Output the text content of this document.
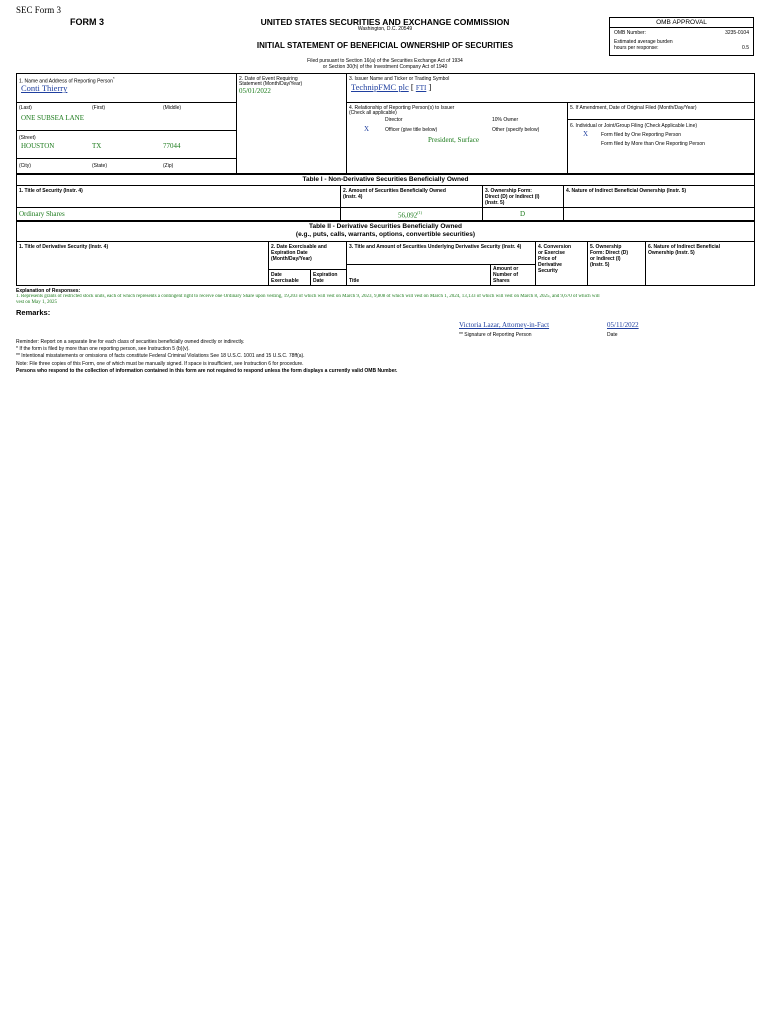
SEC Form 3
FORM 3	UNITED STATES SECURITIES AND EXCHANGE COMMISSION
Washington, D.C. 20549
INITIAL STATEMENT OF BENEFICIAL OWNERSHIP OF SECURITIES
Filed pursuant to Section 16(a) of the Securities Exchange Act of 1934
or Section 30(h) of the Investment Company Act of 1940
OMB APPROVAL
OMB Number:	3235-0104
Estimated average burden
hours per response:	0.5
1. Name and Address of Reporting Person*
Conti Thierry
(Last)	(First)	(Middle)
ONE SUBSEA LANE
(Street)
HOUSTON	TX	77044
(City)	(State)	(Zip)
2. Date of Event Requiring
Statement (Month/Day/Year)
05/01/2022
3. Issuer Name and Ticker or Trading Symbol
TechnipFMC plc [ FTI ]
4. Relationship of Reporting Person(s) to Issuer
(Check all applicable)
Director	10% Owner
X	Officer (give title below)	Other (specify below)
President, Surface
5. If Amendment, Date of Original Filed (Month/Day/Year)
6. Individual or Joint/Group Filing (Check Applicable Line)
X	Form filed by One Reporting Person
Form filed by More than One Reporting Person
Table I - Non-Derivative Securities Beneficially Owned
1. Title of Security (Instr. 4)	2. Amount of Securities Beneficially Owned
(Instr. 4)
3. Ownership Form:
Direct (D) or Indirect (I)
(Instr. 5)
4. Nature of Indirect Beneficial Ownership (Instr. 5)
Ordinary Shares	56,092$^{(1)}$	D
Table II - Derivative Securities Beneficially Owned
(e.g., puts, calls, warrants, options, convertible securities)
1. Title of Derivative Security (Instr. 4)	2. Date Exercisable and
Expiration Date
(Month/Day/Year)
Date
Exercisable
Expiration
Date
3. Title and Amount of Securities Underlying Derivative Security (Instr. 4)
Title
Amount or
Number of
Shares
4. Conversion
or Exercise
Price of
Derivative
Security
5. Ownership
Form: Direct (D)
or Indirect (I)
(Instr. 5)
6. Nature of Indirect Beneficial
Ownership (Instr. 5)
Explanation of Responses:
1. Represents grants of restricted stock units, each of which represents a contingent right to receive one Ordinary Share upon vesting, 19,203 of which will vest on March 9, 2023, 9,808 of which will vest on March 1, 2024, 13,133 of which will vest on March 8, 2025, and 9,670 of which will
vest on May 1, 2025
Remarks:
Victoria Lazar, Attorney-in-Fact	05/11/2022
** Signature of Reporting Person	Date
Reminder: Report on a separate line for each class of securities beneficially owned directly or indirectly.
* If the form is filed by more than one reporting person, see Instruction 5 (b)(v).
** Intentional misstatements or omissions of facts constitute Federal Criminal Violations See 18 U.S.C. 1001 and 15 U.S.C. 78ff(a).
Note: File three copies of this Form, one of which must be manually signed. If space is insufficient, see Instruction 6 for procedure.
Persons who respond to the collection of information contained in this form are not required to respond unless the form displays a currently valid OMB Number.
